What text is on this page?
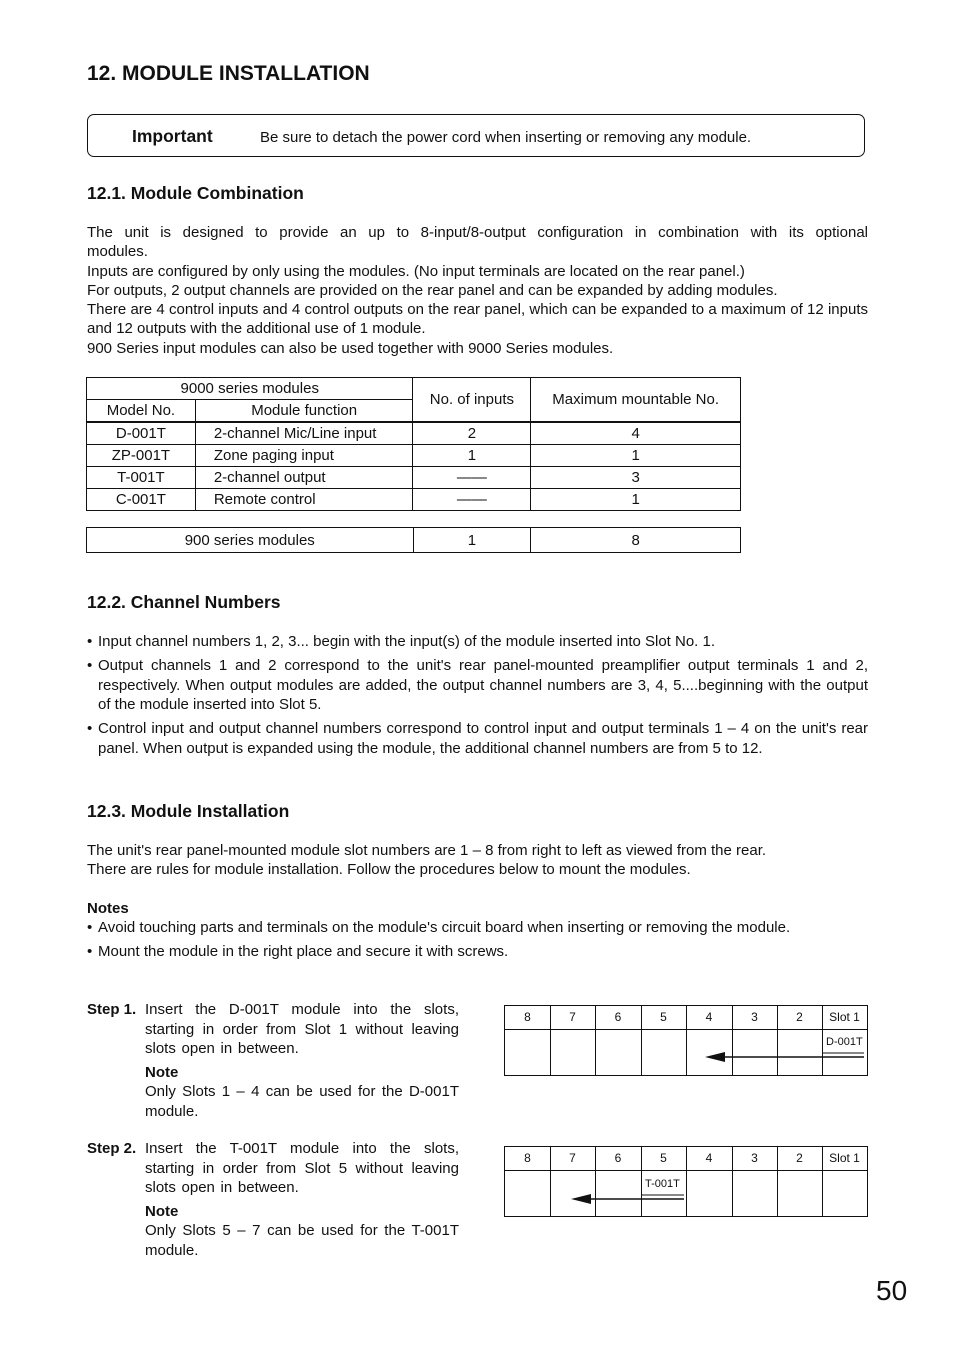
12. MODULE INSTALLATION
Important	Be sure to detach the power cord when inserting or removing any module.
12.1. Module Combination

The unit is designed to provide an up to 8-input/8-output configuration in combination with its optional modules.

Inputs are configured by only using the modules. (No input terminals are located on the rear panel.)

For outputs, 2 output channels are provided on the rear panel and can be expanded by adding modules.

There are 4 control inputs and 4 control outputs on the rear panel, which can be expanded to a maximum of 12 inputs and 12 outputs with the additional use of 1 module.

900 Series input modules can also be used together with 9000 Series modules.

9000 series modules		No. of inputs	Maximum mountable No.
Model No.	Module function		
D-001T	2-channel Mic/Line input	2	4
ZP-001T	Zone paging input	1	1
T-001T	2-channel output	——	3
C-001T	Remote control	——	1
900 series modules	1	8
12.2. Channel Numbers
• Input channel numbers 1, 2, 3... begin with the input(s) of the module inserted into Slot No. 1.
• Output channels 1 and 2 correspond to the unit's rear panel-mounted preamplifier output terminals 1 and 2, respectively. When output modules are added, the output channel numbers are 3, 4, 5....beginning with the output of the module inserted into Slot 5.
• Control input and output channel numbers correspond to control input and output terminals 1 – 4 on the unit's rear panel. When output is expanded using the module, the additional channel numbers are from 5 to 12.
12.3. Module Installation

The unit's rear panel-mounted module slot numbers are 1 – 8 from right to left as viewed from the rear.

There are rules for module installation. Follow the procedures below to mount the modules.

Notes
• Avoid touching parts and terminals on the module's circuit board when inserting or removing the module.
• Mount the module in the right place and secure it with screws.
Step 1. Insert the D-001T module into the slots, starting in order from Slot 1 without leaving slots open in between.
Note
Only Slots 1 – 4 can be used for the D-001T module.
8	7	6	5	4	3	2	Slot 1
D-001T
Step 2. Insert the T-001T module into the slots, starting in order from Slot 5 without leaving slots open in between.
Note
Only Slots 5 – 7 can be used for the T-001T module.
8	7	6	5	4	3	2	Slot 1
T-001T
50
